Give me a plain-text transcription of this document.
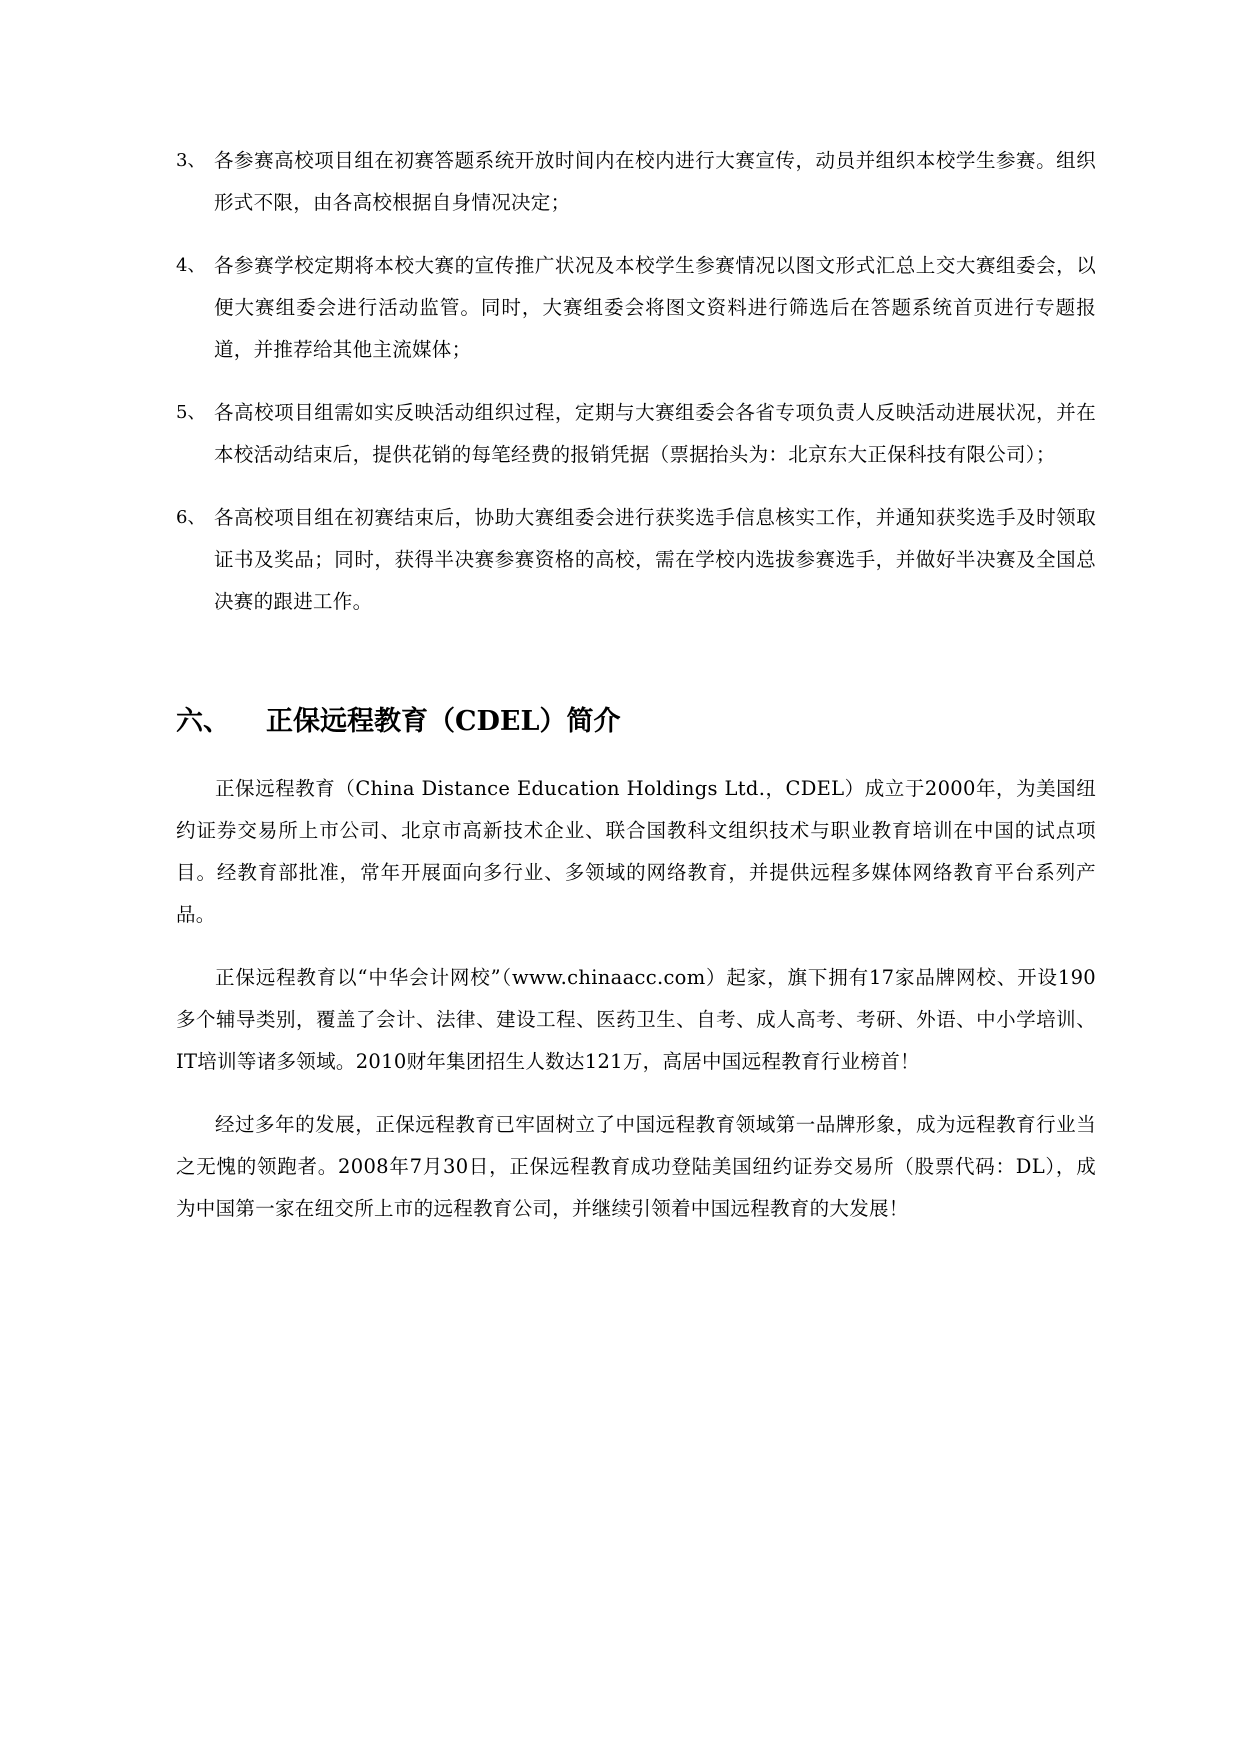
3、 各参赛高校项目组在初赛答题系统开放时间内在校内进行大赛宣传，动员并组织本校学生参赛。组织形式不限，由各高校根据自身情况决定；
4、 各参赛学校定期将本校大赛的宣传推广状况及本校学生参赛情况以图文形式汇总上交大赛组委会，以便大赛组委会进行活动监管。同时，大赛组委会将图文资料进行筛选后在答题系统首页进行专题报道，并推荐给其他主流媒体；
5、 各高校项目组需如实反映活动组织过程，定期与大赛组委会各省专项负责人反映活动进展状况，并在本校活动结束后，提供花销的每笔经费的报销凭据（票据抬头为：北京东大正保科技有限公司）；
6、 各高校项目组在初赛结束后，协助大赛组委会进行获奖选手信息核实工作，并通知获奖选手及时领取证书及奖品；同时，获得半决赛参赛资格的高校，需在学校内选拔参赛选手，并做好半决赛及全国总决赛的跟进工作。
六、	正保远程教育（CDEL）简介

正保远程教育（China Distance Education Holdings Ltd.，CDEL）成立于2000年，为美国纽约证券交易所上市公司、北京市高新技术企业、联合国教科文组织技术与职业教育培训在中国的试点项目。经教育部批准，常年开展面向多行业、多领域的网络教育，并提供远程多媒体网络教育平台系列产品。

正保远程教育以“中华会计网校”（www.chinaacc.com）起家，旗下拥有17家品牌网校、开设190多个辅导类别，覆盖了会计、法律、建设工程、医药卫生、自考、成人高考、考研、外语、中小学培训、IT培训等诸多领域。2010财年集团招生人数达121万，高居中国远程教育行业榜首！

经过多年的发展，正保远程教育已牢固树立了中国远程教育领域第一品牌形象，成为远程教育行业当之无愧的领跑者。2008年7月30日，正保远程教育成功登陆美国纽约证券交易所（股票代码：DL），成为中国第一家在纽交所上市的远程教育公司，并继续引领着中国远程教育的大发展！
